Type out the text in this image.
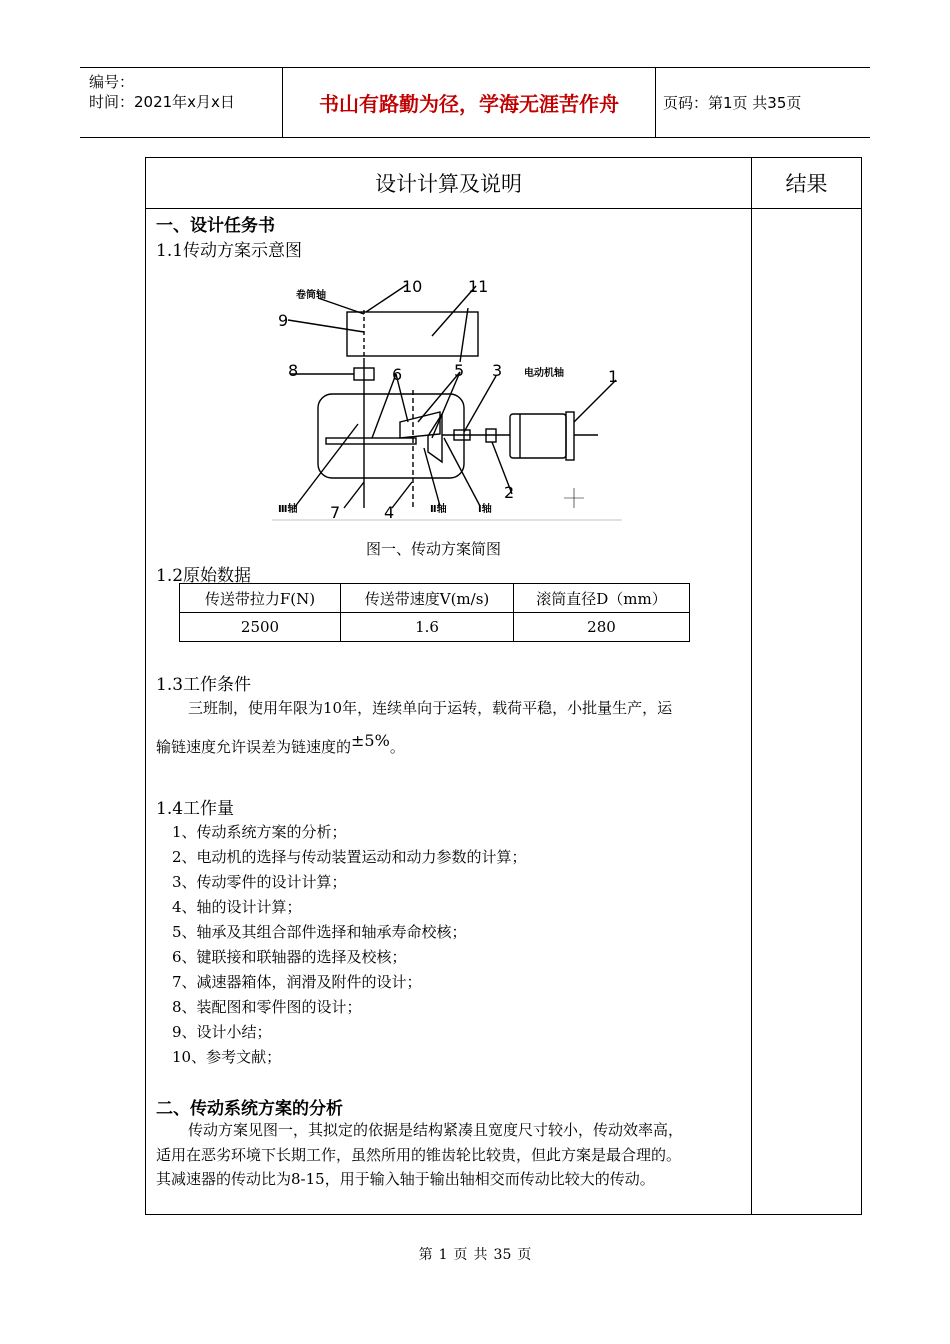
编号：
时间：2021年x月x日	书山有路勤为径，学海无涯苦作舟	页码：第1页 共35页
设计计算及说明	结果
一、设计任务书
1.1传动方案示意图
10	11
9
8	6	5 3	1
2
7	4
卷筒轴
电动机轴
Ⅲ轴	Ⅱ轴	Ⅰ轴
图一、传动方案简图
1.2原始数据
传送带拉力F(N)	传送带速度V(m/s)	滚筒直径D（mm）
2500	1.6	280
1.3工作条件
三班制，使用年限为10年，连续单向于运转，载荷平稳，小批量生产，运
输链速度允许误差为链速度的±5%。
1.4工作量
1、传动系统方案的分析；
2、电动机的选择与传动装置运动和动力参数的计算；
3、传动零件的设计计算；
4、轴的设计计算；
5、轴承及其组合部件选择和轴承寿命校核；
6、键联接和联轴器的选择及校核；
7、减速器箱体，润滑及附件的设计；
8、装配图和零件图的设计；
9、设计小结；
10、参考文献；
二、传动系统方案的分析
传动方案见图一，其拟定的依据是结构紧凑且宽度尺寸较小，传动效率高，
适用在恶劣环境下长期工作，虽然所用的锥齿轮比较贵，但此方案是最合理的。
其减速器的传动比为8-15，用于输入轴于输出轴相交而传动比较大的传动。
第 1 页 共 35 页
